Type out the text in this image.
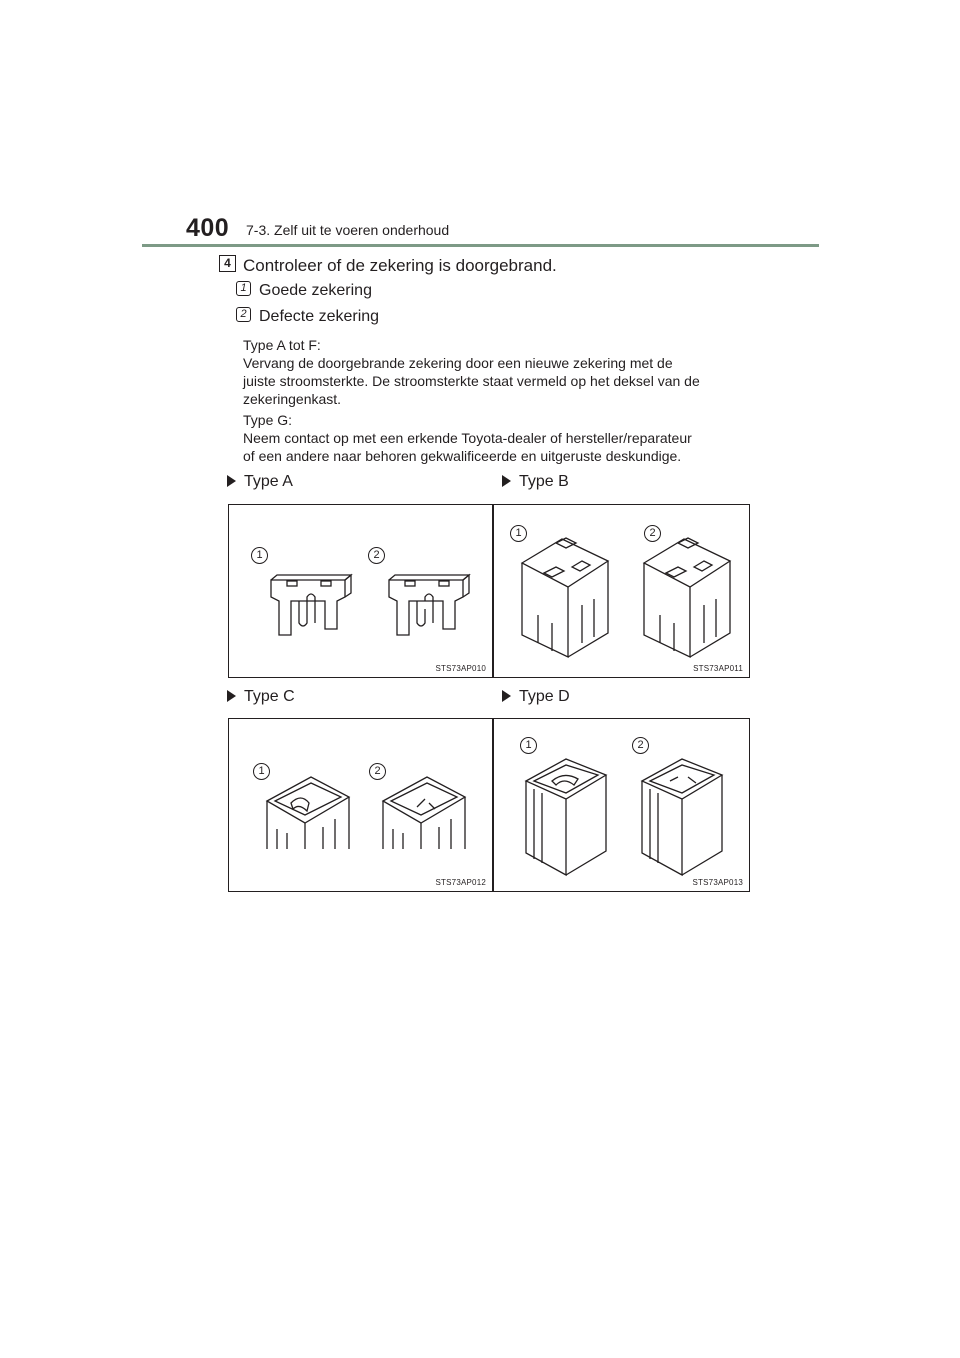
400 7-3. Zelf uit te voeren onderhoud
4 Controleer of de zekering is doorgebrand.
1 Goede zekering
2 Defecte zekering
Type A tot F:
Vervang de doorgebrande zekering door een nieuwe zekering met de
juiste stroomsterkte. De stroomsterkte staat vermeld op het deksel van de
zekeringenkast.
Type G:
Neem contact op met een erkende Toyota-dealer of hersteller/reparateur
of een andere naar behoren gekwalificeerde en uitgeruste deskundige.
Type A	Type B
Type C	Type D
1	2
STS73AP010
1	2
STS73AP011
1	2
STS73AP012
1	2
STS73AP013
